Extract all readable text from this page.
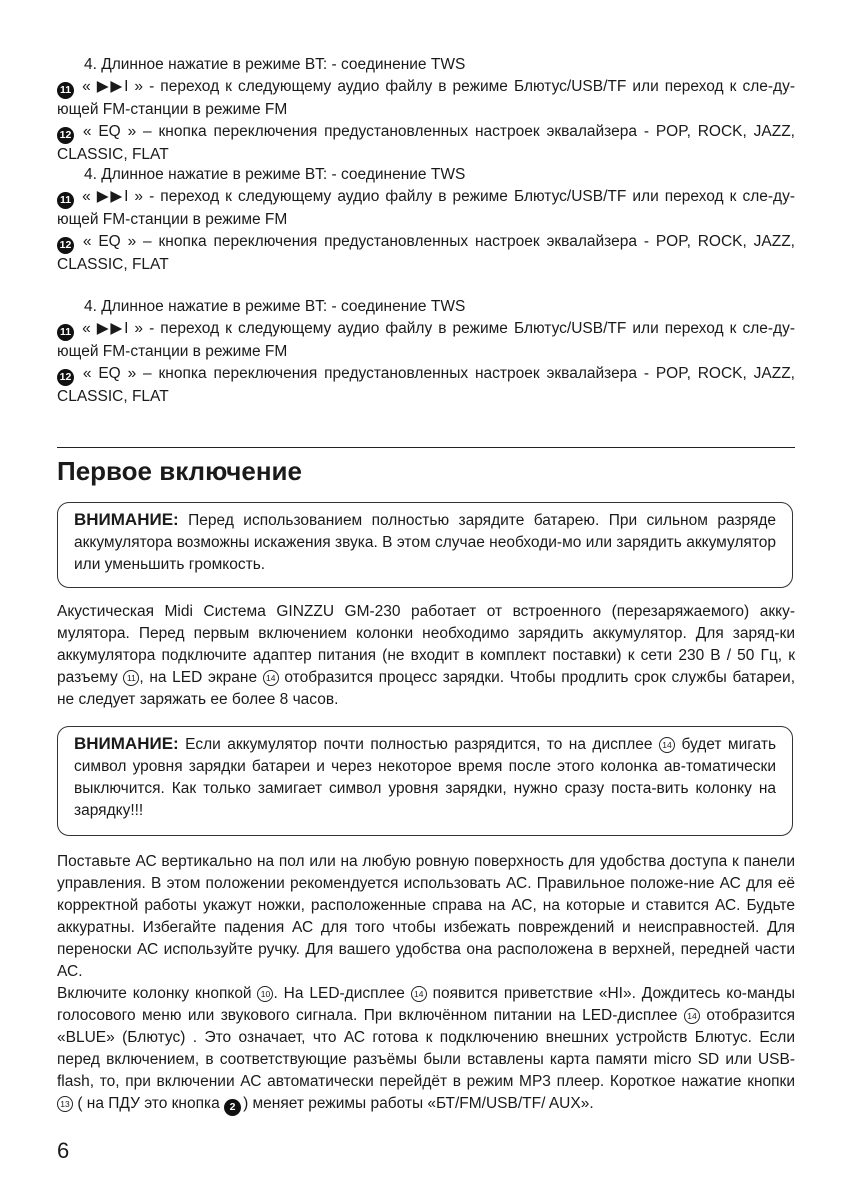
4. Длинное нажатие в режиме BT: - соединение TWS

11 « ▶▶I » - переход к следующему аудио файлу в режиме Блютус/USB/TF или переход к сле-ду-ющей FM-станции в режиме FM

12 « EQ » – кнопка переключения предустановленных настроек эквалайзера - POP, ROCK, JAZZ, CLASSIC, FLAT

4. Длинное нажатие в режиме BT: - соединение TWS

11 « ▶▶I » - переход к следующему аудио файлу в режиме Блютус/USB/TF или переход к сле-ду-ющей FM-станции в режиме FM

12 « EQ » – кнопка переключения предустановленных настроек эквалайзера - POP, ROCK, JAZZ, CLASSIC, FLAT

4. Длинное нажатие в режиме BT: - соединение TWS

11 « ▶▶I » - переход к следующему аудио файлу в режиме Блютус/USB/TF или переход к сле-ду-ющей FM-станции в режиме FM

12 « EQ » – кнопка переключения предустановленных настроек эквалайзера - POP, ROCK, JAZZ, CLASSIC, FLAT

Первое включение

ВНИМАНИЕ: Перед использованием полностью зарядите батарею. При сильном разряде аккумулятора возможны искажения звука. В этом случае необходи-мо или зарядить аккумулятор или уменьшить громкость.

Акустическая Midi Система GINZZU GM-230 работает от встроенного (перезаряжаемого) акку-мулятора. Перед первым включением колонки необходимо зарядить аккумулятор. Для заряд-ки аккумулятора подключите адаптер питания (не входит в комплект поставки) к сети 230 В / 50 Гц, к разъему 11 , на LED экране 14 отобразится процесс зарядки. Чтобы продлить срок службы батареи, не следует заряжать ее более 8 часов.

ВНИМАНИЕ: Если аккумулятор почти полностью разрядится, то на дисплее 14 будет мигать символ уровня зарядки батареи и через некоторое время после этого колонка ав-томатически выключится. Как только замигает символ уровня зарядки, нужно сразу поста-вить колонку на зарядку!!!

Поставьте АС вертикально на пол или на любую ровную поверхность для удобства доступа к панели управления. В этом положении рекомендуется использовать АС. Правильное положе-ние АС для её корректной работы укажут ножки, расположенные справа на АС, на которые и ставится АС. Будьте аккуратны. Избегайте падения АС для того чтобы избежать повреждений и неисправностей. Для переноски АС используйте ручку. Для вашего удобства она расположена в верхней, передней части АС.

Включите колонку кнопкой 10 . На LED-дисплее 14 появится приветствие «HI». Дождитесь ко-манды голосового меню или звукового сигнала. При включённом питании на LED-дисплее 14 отобразится «BLUE» (Блютус) . Это означает, что АС готова к подключению внешних устройств Блютус. Если перед включением, в соответствующие разъёмы были вставлены карта памяти micro SD или USB-flash, то, при включении АС автоматически перейдёт в режим MP3 плеер. Короткое нажатие кнопки 13 ( на ПДУ это кнопка 2 ) меняет режимы работы «БТ/FM/USB/TF/ AUX».

6
